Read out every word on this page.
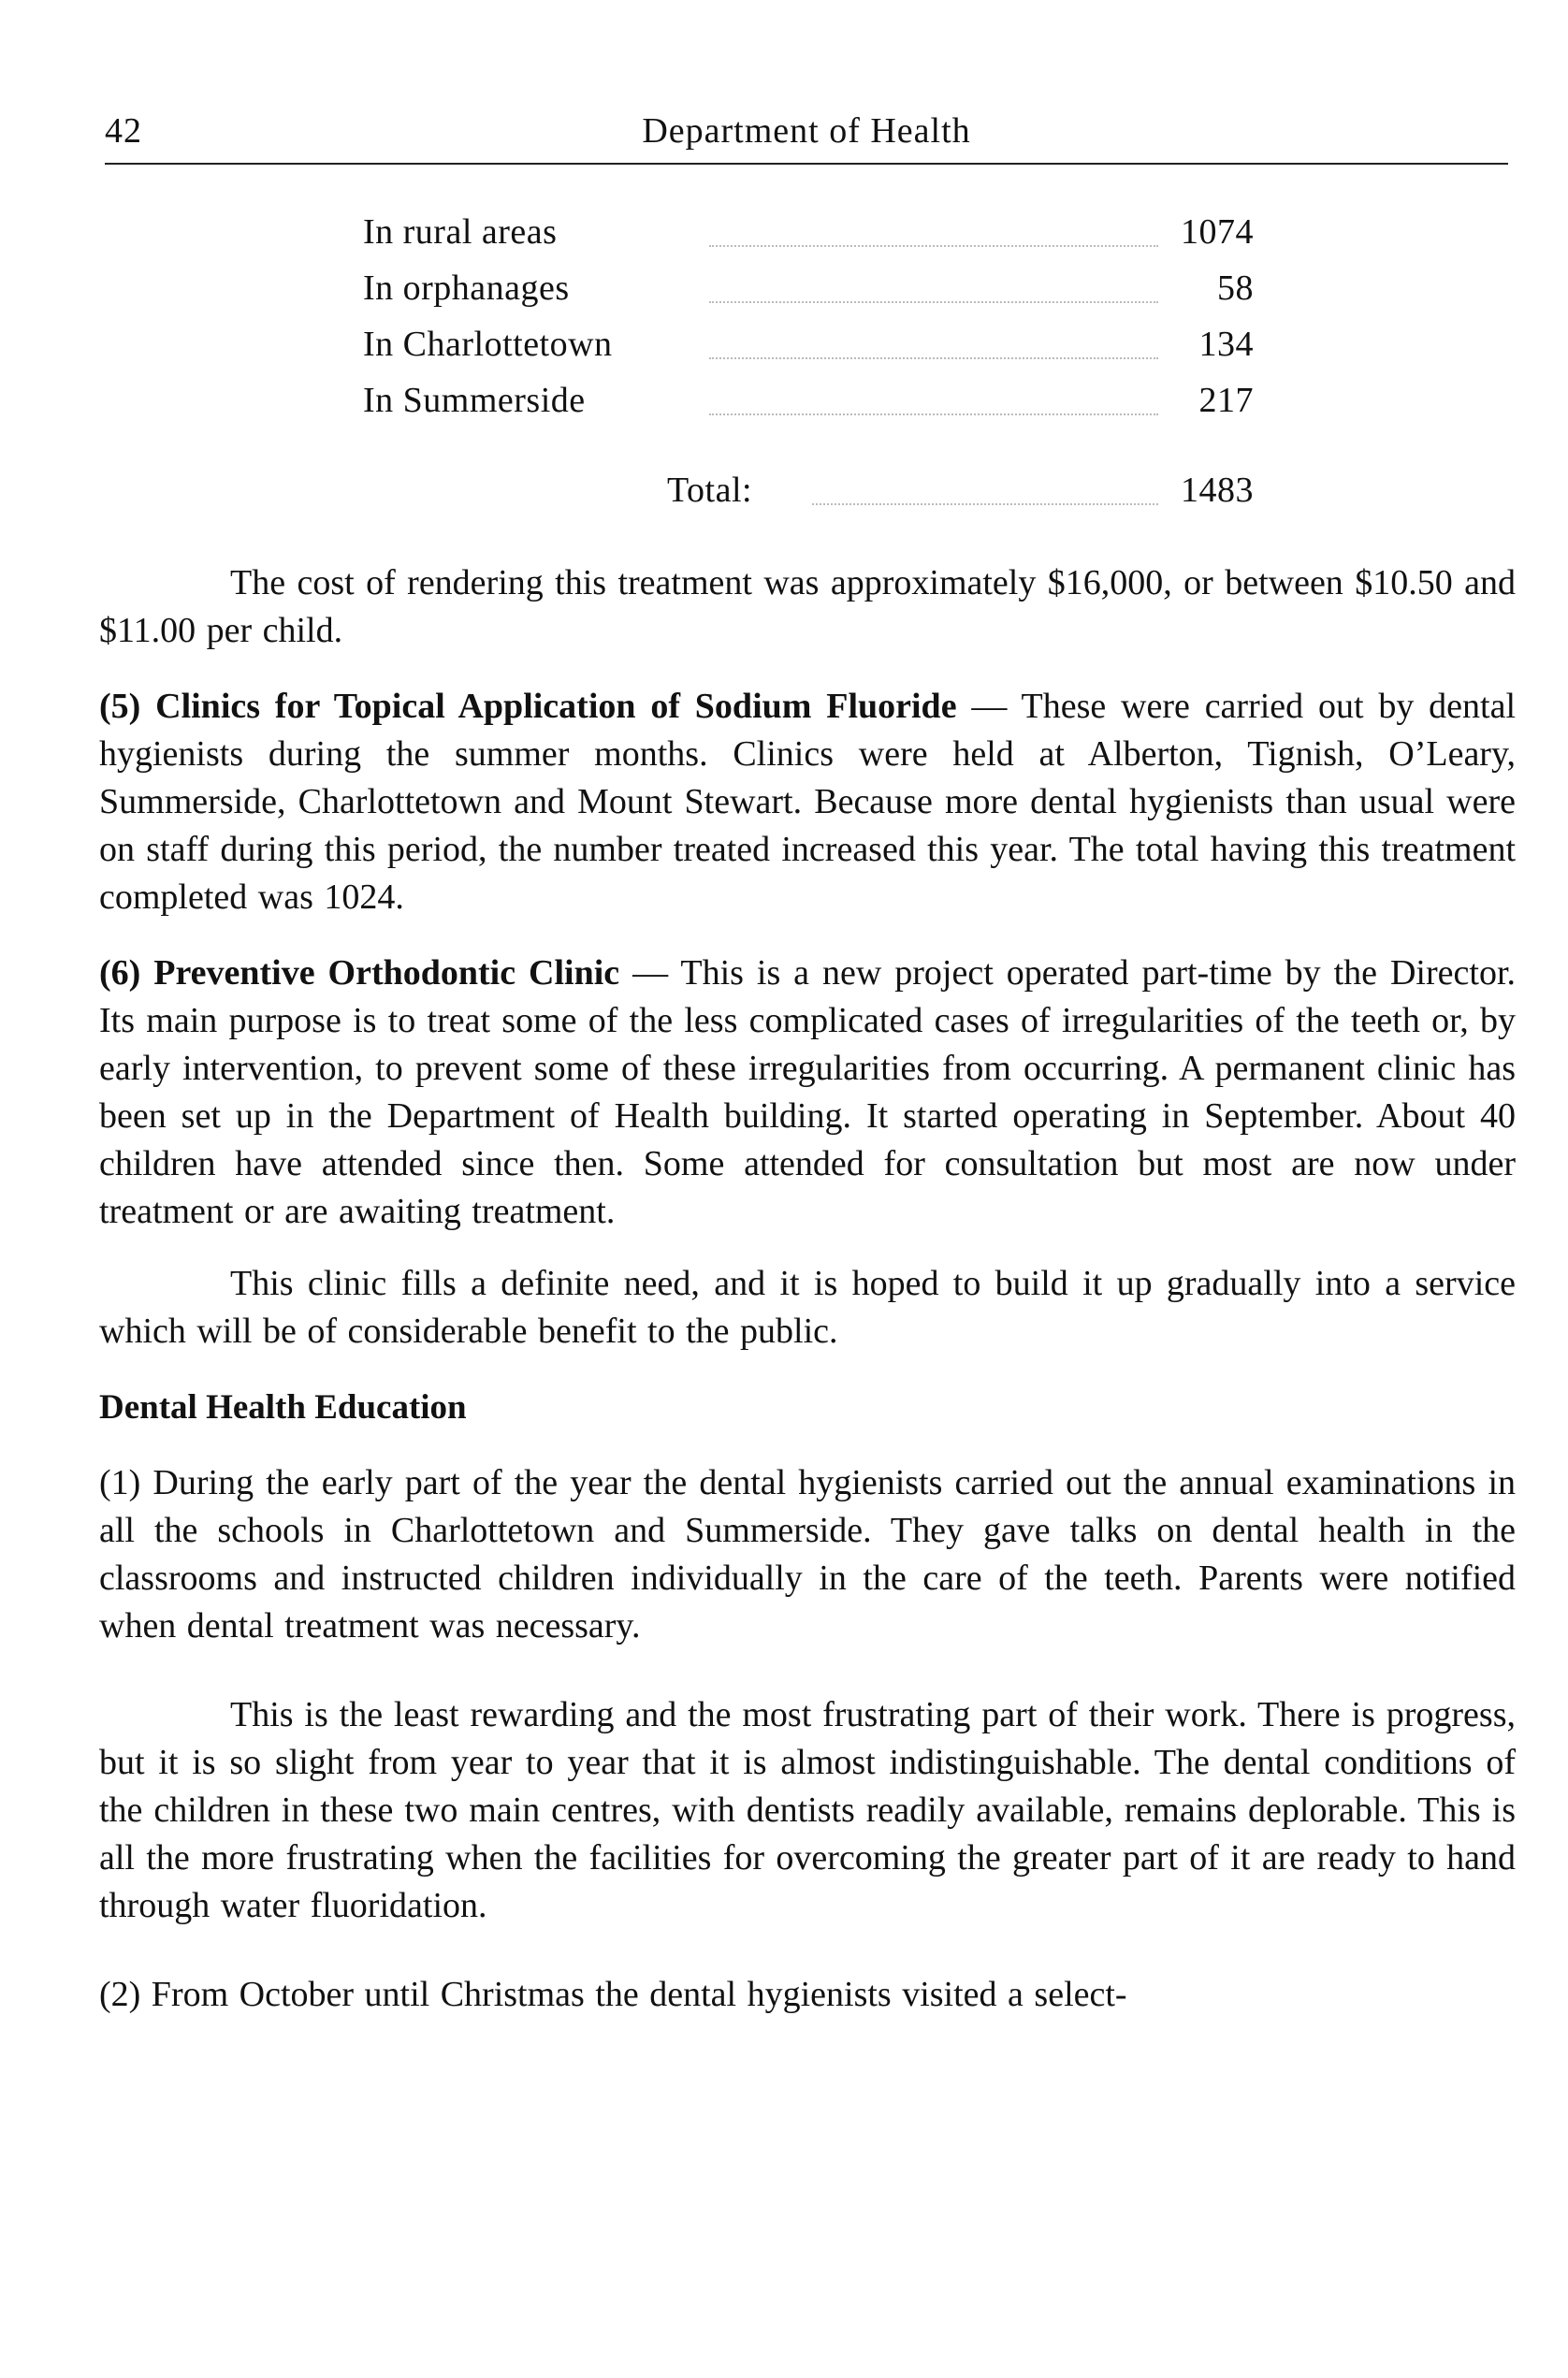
42	Department of Health
In rural areas	1074
In orphanages	58
In Charlottetown	134
In Summerside	217
Total:	1483

The cost of rendering this treatment was approximately $16,000, or between $10.50 and $11.00 per child.

(5) Clinics for Topical Application of Sodium Fluoride — These were carried out by dental hygienists during the summer months. Clinics were held at Alberton, Tignish, O’Leary, Summerside, Charlottetown and Mount Stewart. Because more dental hygienists than usual were on staff during this period, the number treated increased this year. The total having this treatment completed was 1024.

(6) Preventive Orthodontic Clinic — This is a new project operated part-time by the Director. Its main purpose is to treat some of the less complicated cases of irregularities of the teeth or, by early intervention, to prevent some of these irregularities from occurring. A permanent clinic has been set up in the Department of Health building. It started operating in September. About 40 children have attended since then. Some attended for consultation but most are now under treatment or are awaiting treatment.

This clinic fills a definite need, and it is hoped to build it up gradually into a service which will be of considerable benefit to the public.

Dental Health Education

(1) During the early part of the year the dental hygienists carried out the annual examinations in all the schools in Charlottetown and Summerside. They gave talks on dental health in the classrooms and instructed children individually in the care of the teeth. Parents were notified when dental treatment was necessary.

This is the least rewarding and the most frustrating part of their work. There is progress, but it is so slight from year to year that it is almost indistinguishable. The dental conditions of the children in these two main centres, with dentists readily available, remains deplorable. This is all the more frustrating when the facilities for overcoming the greater part of it are ready to hand through water fluoridation.

(2) From October until Christmas the dental hygienists visited a select-
